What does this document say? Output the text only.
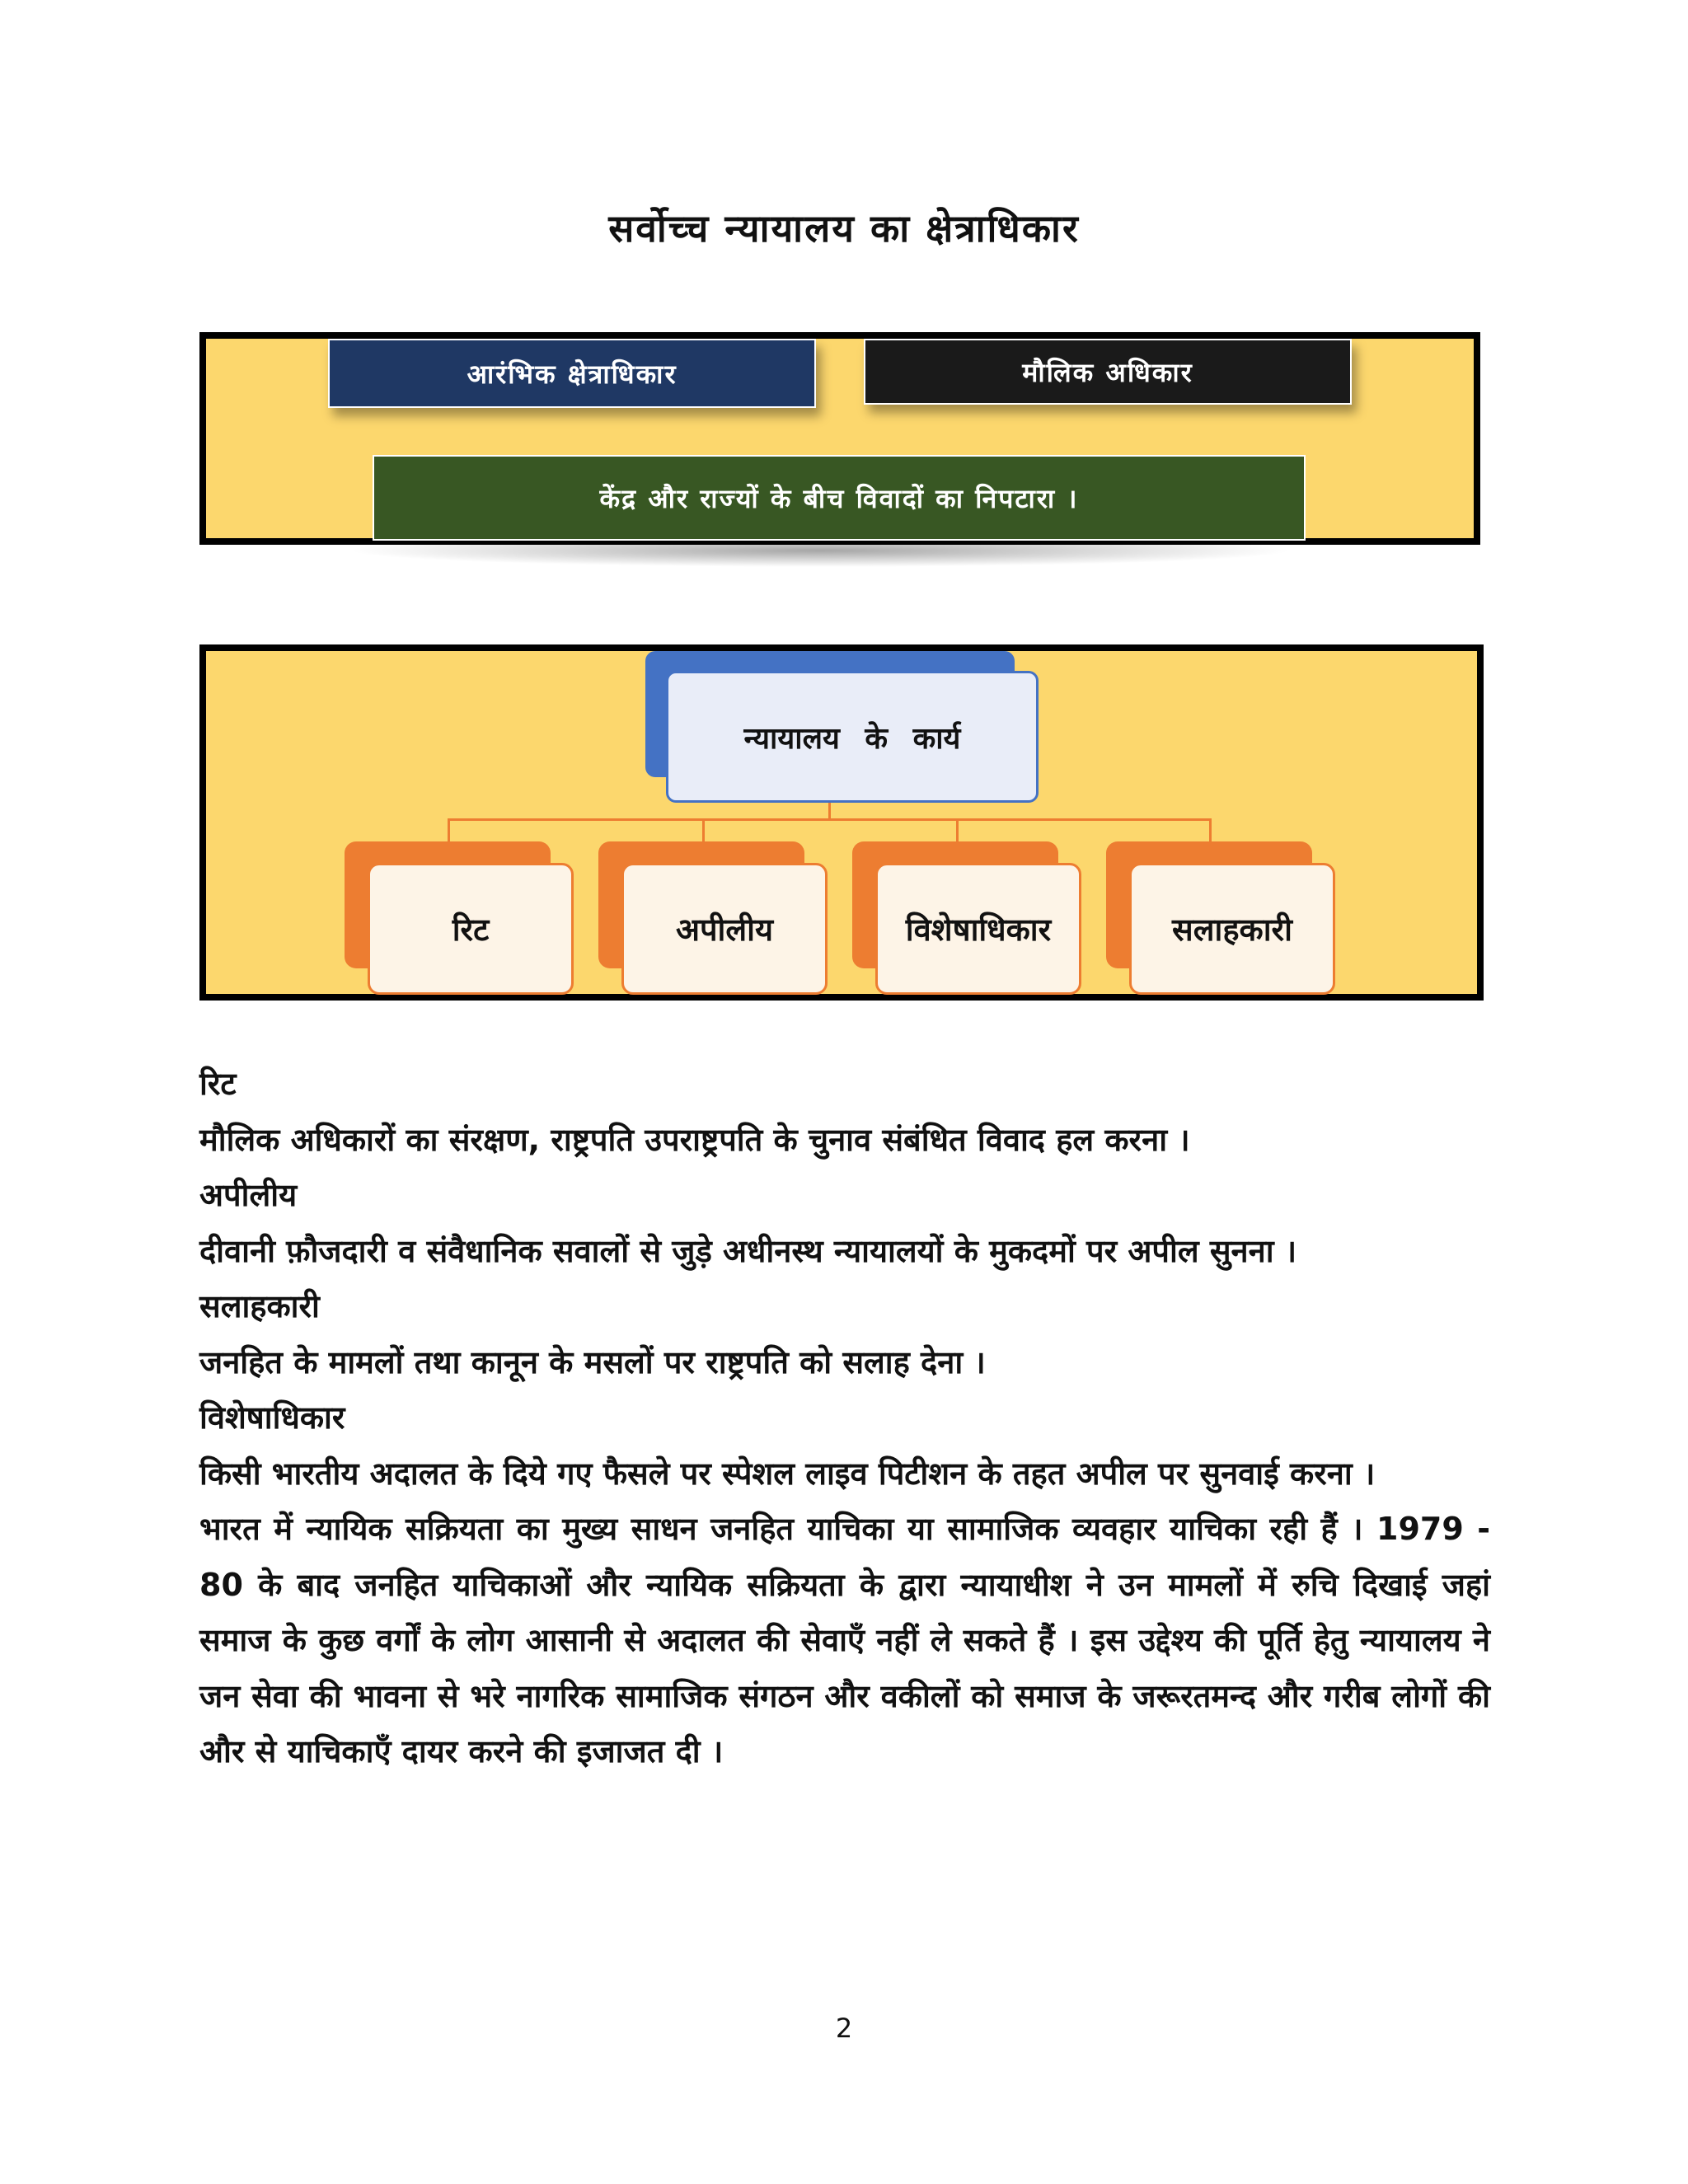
सर्वोच्च न्यायालय का क्षेत्राधिकार
आरंभिक क्षेत्राधिकार	मौलिक अधिकार
केंद्र और राज्यों के बीच विवादों का निपटारा ।
न्यायालय के कार्य
रिट	अपीलीय	विशेषाधिकार	सलाहकारी
रिट
मौलिक अधिकारों का संरक्षण, राष्ट्रपति उपराष्ट्रपति के चुनाव संबंधित विवाद हल करना ।
अपीलीय
दीवानी फ़ौजदारी व संवैधानिक सवालों से जुड़े अधीनस्थ न्यायालयों के मुकदमों पर अपील सुनना ।
सलाहकारी
जनहित के मामलों तथा कानून के मसलों पर राष्ट्रपति को सलाह देना ।
विशेषाधिकार
किसी भारतीय अदालत के दिये गए फैसले पर स्पेशल लाइव पिटीशन के तहत अपील पर सुनवाई करना ।
भारत में न्यायिक सक्रियता का मुख्य साधन जनहित याचिका या सामाजिक व्यवहार याचिका रही हैं । 1979 - 80 के बाद जनहित याचिकाओं और न्यायिक सक्रियता के द्वारा न्यायाधीश ने उन मामलों में रुचि दिखाई जहां समाज के कुछ वर्गों के लोग आसानी से अदालत की सेवाएँ नहीं ले सकते हैं । इस उद्देश्य की पूर्ति हेतु न्यायालय ने जन सेवा की भावना से भरे नागरिक सामाजिक संगठन और वकीलों को समाज के जरूरतमन्द और गरीब लोगों की और से याचिकाएँ दायर करने की इजाजत दी ।
2
